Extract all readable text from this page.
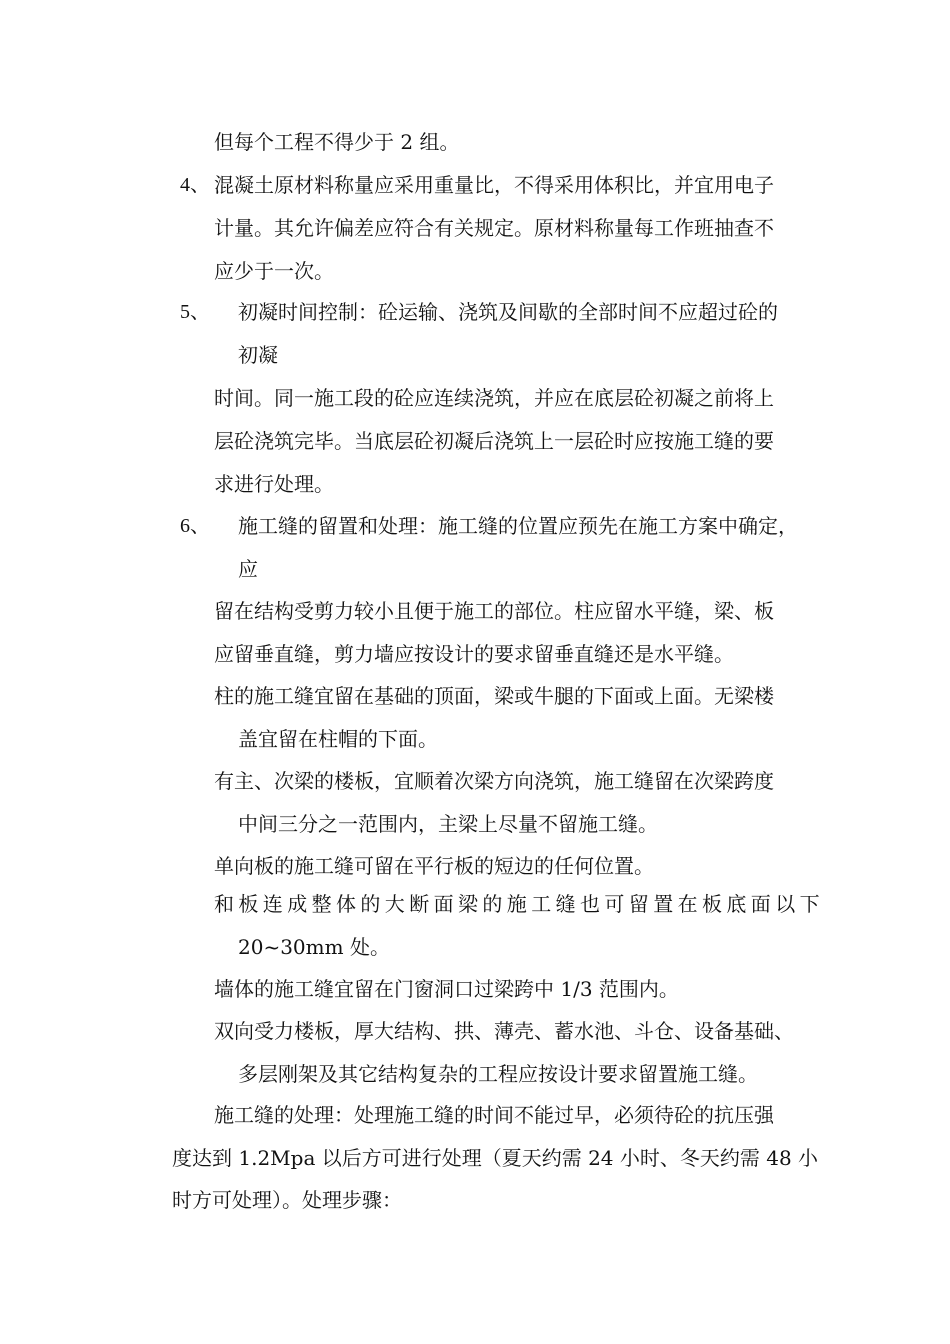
但每个工程不得少于 2 组。

4、 混凝土原材料称量应采用重量比，不得采用体积比，并宜用电子

计量。其允许偏差应符合有关规定。原材料称量每工作班抽查不

应少于一次。

5、 初凝时间控制：砼运输、浇筑及间歇的全部时间不应超过砼的

初凝

时间。同一施工段的砼应连续浇筑，并应在底层砼初凝之前将上

层砼浇筑完毕。当底层砼初凝后浇筑上一层砼时应按施工缝的要

求进行处理。

6、 施工缝的留置和处理：施工缝的位置应预先在施工方案中确定，

应

留在结构受剪力较小且便于施工的部位。柱应留水平缝，梁、板

应留垂直缝，剪力墙应按设计的要求留垂直缝还是水平缝。

柱的施工缝宜留在基础的顶面，梁或牛腿的下面或上面。无梁楼

盖宜留在柱帽的下面。

有主、次梁的楼板，宜顺着次梁方向浇筑，施工缝留在次梁跨度

中间三分之一范围内，主梁上尽量不留施工缝。

单向板的施工缝可留在平行板的短边的任何位置。

和板连成整体的大断面梁的施工缝也可留置在板底面以下

20~30mm 处。

墙体的施工缝宜留在门窗洞口过梁跨中 1/3 范围内。

双向受力楼板，厚大结构、拱、薄壳、蓄水池、斗仓、设备基础、

多层刚架及其它结构复杂的工程应按设计要求留置施工缝。

施工缝的处理：处理施工缝的时间不能过早，必须待砼的抗压强

度达到 1.2Mpa 以后方可进行处理（夏天约需 24 小时、冬天约需 48 小

时方可处理）。处理步骤：
